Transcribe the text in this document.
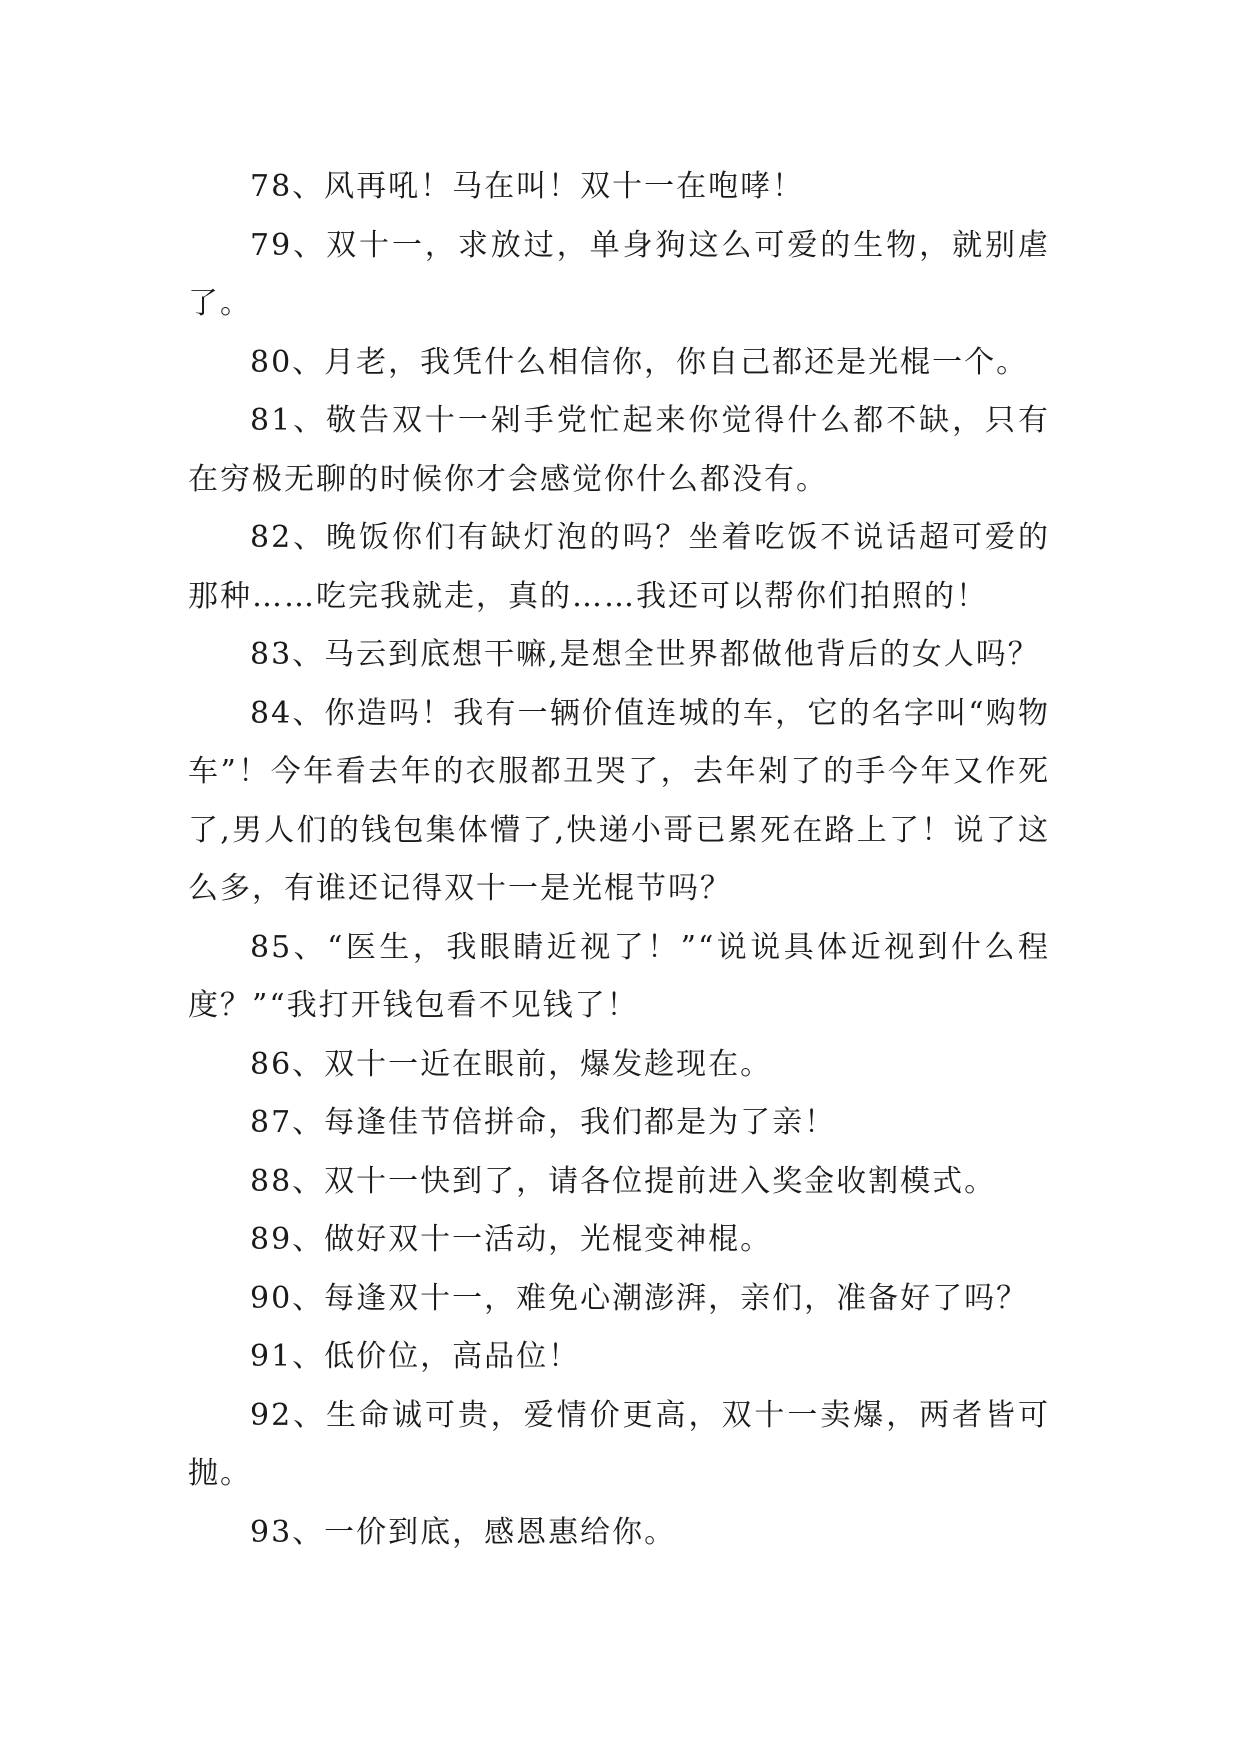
78、风再吼！马在叫！双十一在咆哮！

79、双十一，求放过，单身狗这么可爱的生物，就别虐了。

80、月老，我凭什么相信你，你自己都还是光棍一个。

81、敬告双十一剁手党忙起来你觉得什么都不缺，只有在穷极无聊的时候你才会感觉你什么都没有。

82、晚饭你们有缺灯泡的吗？坐着吃饭不说话超可爱的那种……吃完我就走，真的……我还可以帮你们拍照的！

83、马云到底想干嘛,是想全世界都做他背后的女人吗？

84、你造吗！我有一辆价值连城的车，它的名字叫“购物车”！今年看去年的衣服都丑哭了，去年剁了的手今年又作死了,男人们的钱包集体懵了,快递小哥已累死在路上了！说了这么多，有谁还记得双十一是光棍节吗？

85、“医生，我眼睛近视了！”“说说具体近视到什么程度？”“我打开钱包看不见钱了！

86、双十一近在眼前，爆发趁现在。

87、每逢佳节倍拼命，我们都是为了亲！

88、双十一快到了，请各位提前进入奖金收割模式。

89、做好双十一活动，光棍变神棍。

90、每逢双十一，难免心潮澎湃，亲们，准备好了吗？

91、低价位，高品位！

92、生命诚可贵，爱情价更高，双十一卖爆，两者皆可抛。

93、一价到底，感恩惠给你。
